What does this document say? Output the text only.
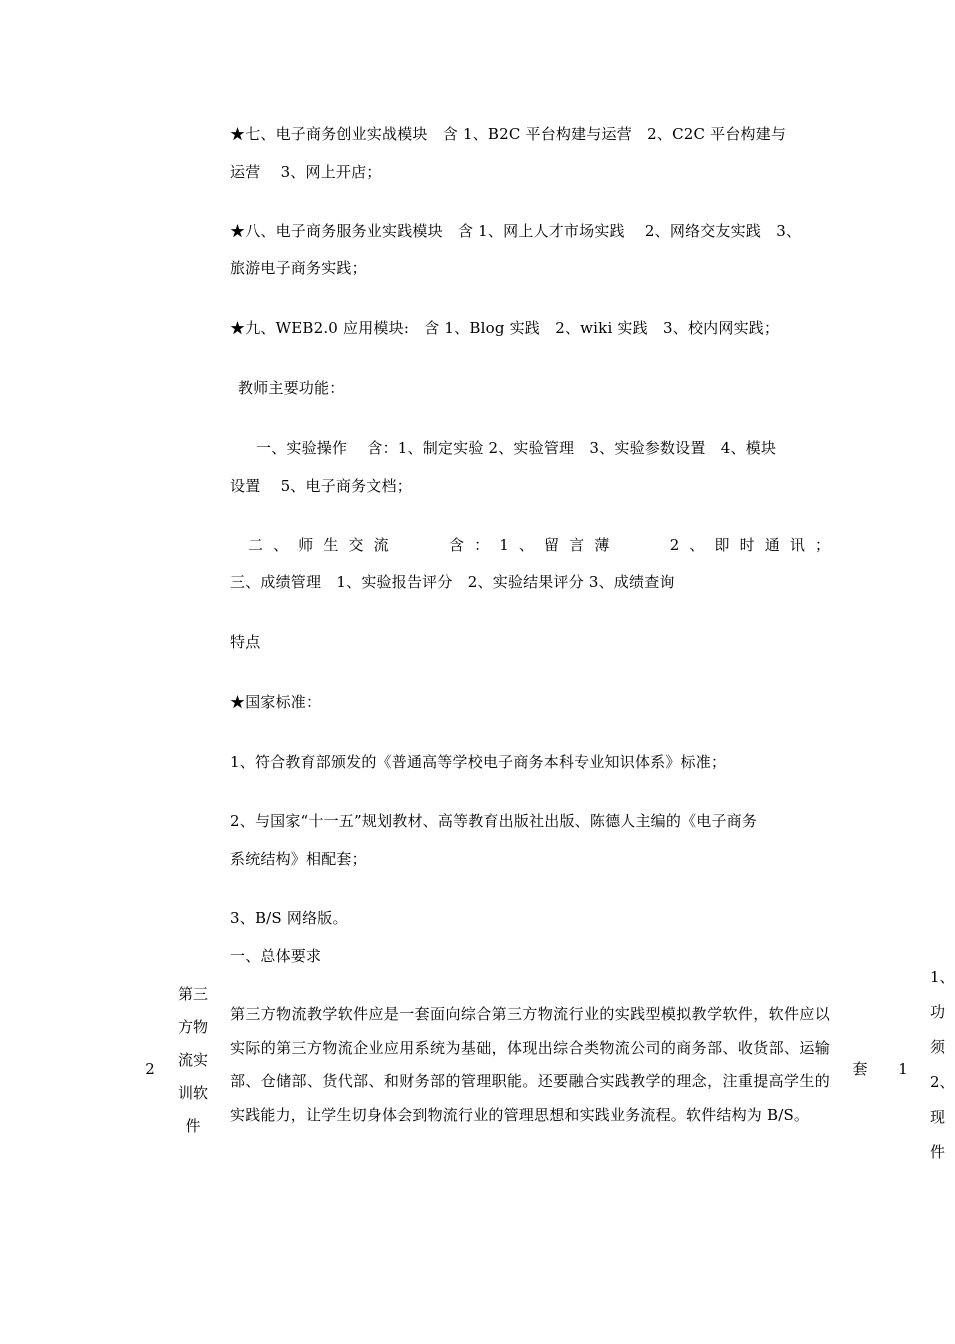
★七、电子商务创业实战模块　含 1、B2C 平台构建与运营　2、C2C 平台构建与
运营　 3、网上开店；
★八、电子商务服务业实践模块　含 1、网上人才市场实践　 2、网络交友实践　3、
旅游电子商务实践；
★九、WEB2.0 应用模块:　含 1、Blog 实践　2、wiki 实践　3、校内网实践；
教师主要功能：
一、实验操作　 含：1、制定实验 2、实验管理　3、实验参数设置　4、模块
设置　 5、电子商务文档；
二、师生交流　　含：1、留言薄　　2、即时通讯；
三、成绩管理　1、实验报告评分　2、实验结果评分 3、成绩查询
特点
★国家标准：
1、符合教育部颁发的《普通高等学校电子商务本科专业知识体系》标准；
2、与国家“十一五”规划教材、高等教育出版社出版、陈德人主编的《电子商务
系统结构》相配套；
3、B/S 网络版。
一、总体要求
2
第三
方物
流实
训软
件
第三方物流教学软件应是一套面向综合第三方物流行业的实践型模拟教学软件，软件应以实际的第三方物流企业应用系统为基础，体现出综合类物流公司的商务部、收货部、运输部、仓储部、货代部、和财务部的管理职能。还要融合实践教学的理念，注重提高学生的实践能力，让学生切身体会到物流行业的管理思想和实践业务流程。软件结构为 B/S。
套	1
1、
功
须
2、
现
件
